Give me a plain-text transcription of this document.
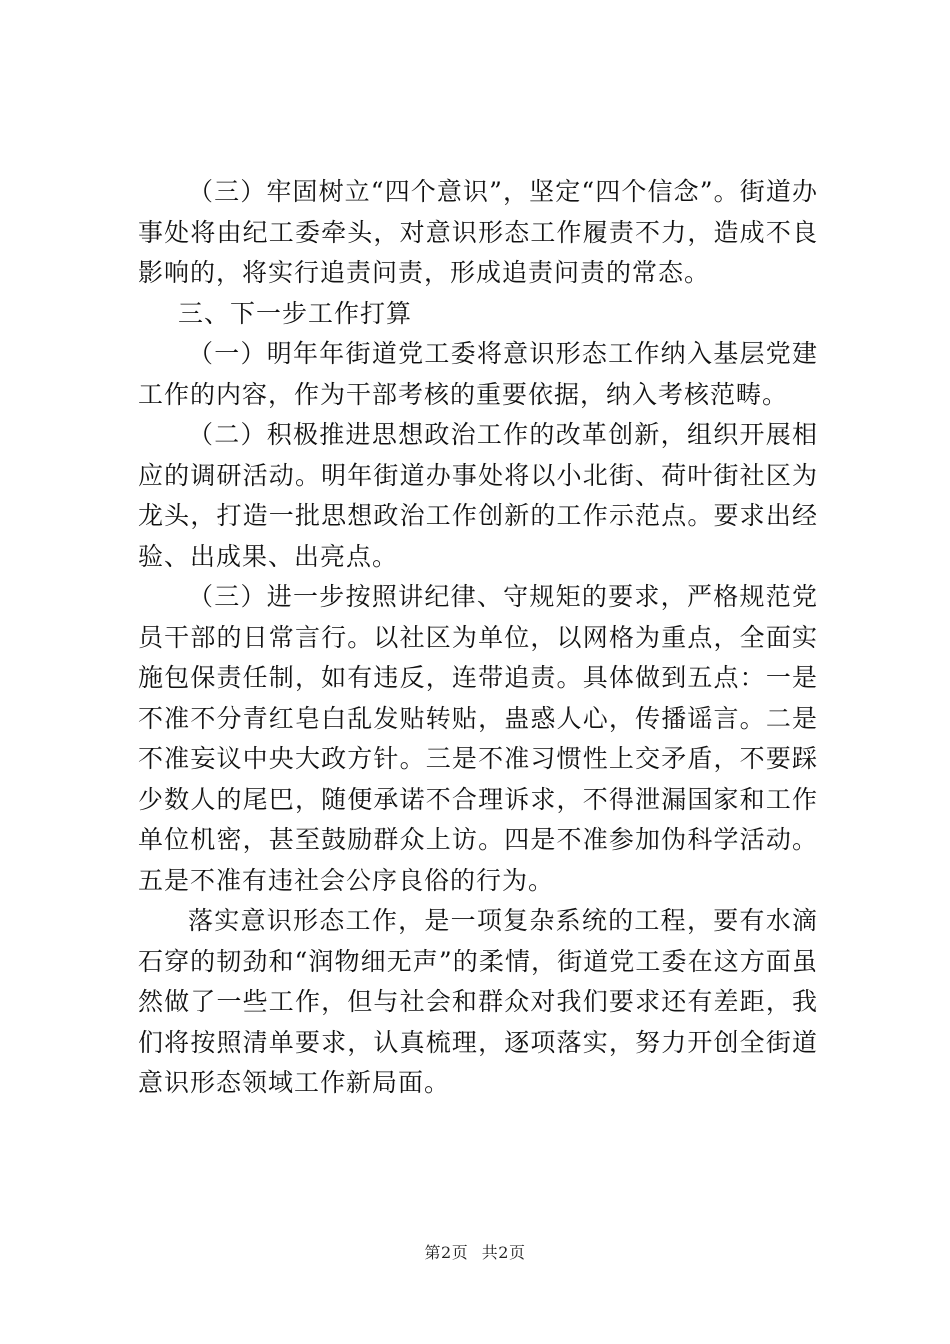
（三）牢固树立“四个意识”，坚定“四个信念”。街道办事处将由纪工委牵头，对意识形态工作履责不力，造成不良影响的，将实行追责问责，形成追责问责的常态。

三、下一步工作打算

（一）明年年街道党工委将意识形态工作纳入基层党建工作的内容，作为干部考核的重要依据，纳入考核范畴。

（二）积极推进思想政治工作的改革创新，组织开展相应的调研活动。明年街道办事处将以小北街、荷叶街社区为龙头，打造一批思想政治工作创新的工作示范点。要求出经验、出成果、出亮点。

（三）进一步按照讲纪律、守规矩的要求，严格规范党员干部的日常言行。以社区为单位，以网格为重点，全面实施包保责任制，如有违反，连带追责。具体做到五点：一是不准不分青红皂白乱发贴转贴，蛊惑人心，传播谣言。二是不准妄议中央大政方针。三是不准习惯性上交矛盾，不要踩少数人的尾巴，随便承诺不合理诉求，不得泄漏国家和工作单位机密，甚至鼓励群众上访。四是不准参加伪科学活动。五是不准有违社会公序良俗的行为。

落实意识形态工作，是一项复杂系统的工程，要有水滴石穿的韧劲和“润物细无声”的柔情，街道党工委在这方面虽然做了一些工作，但与社会和群众对我们要求还有差距，我们将按照清单要求，认真梳理，逐项落实，努力开创全街道意识形态领域工作新局面。

第2页 共2页
